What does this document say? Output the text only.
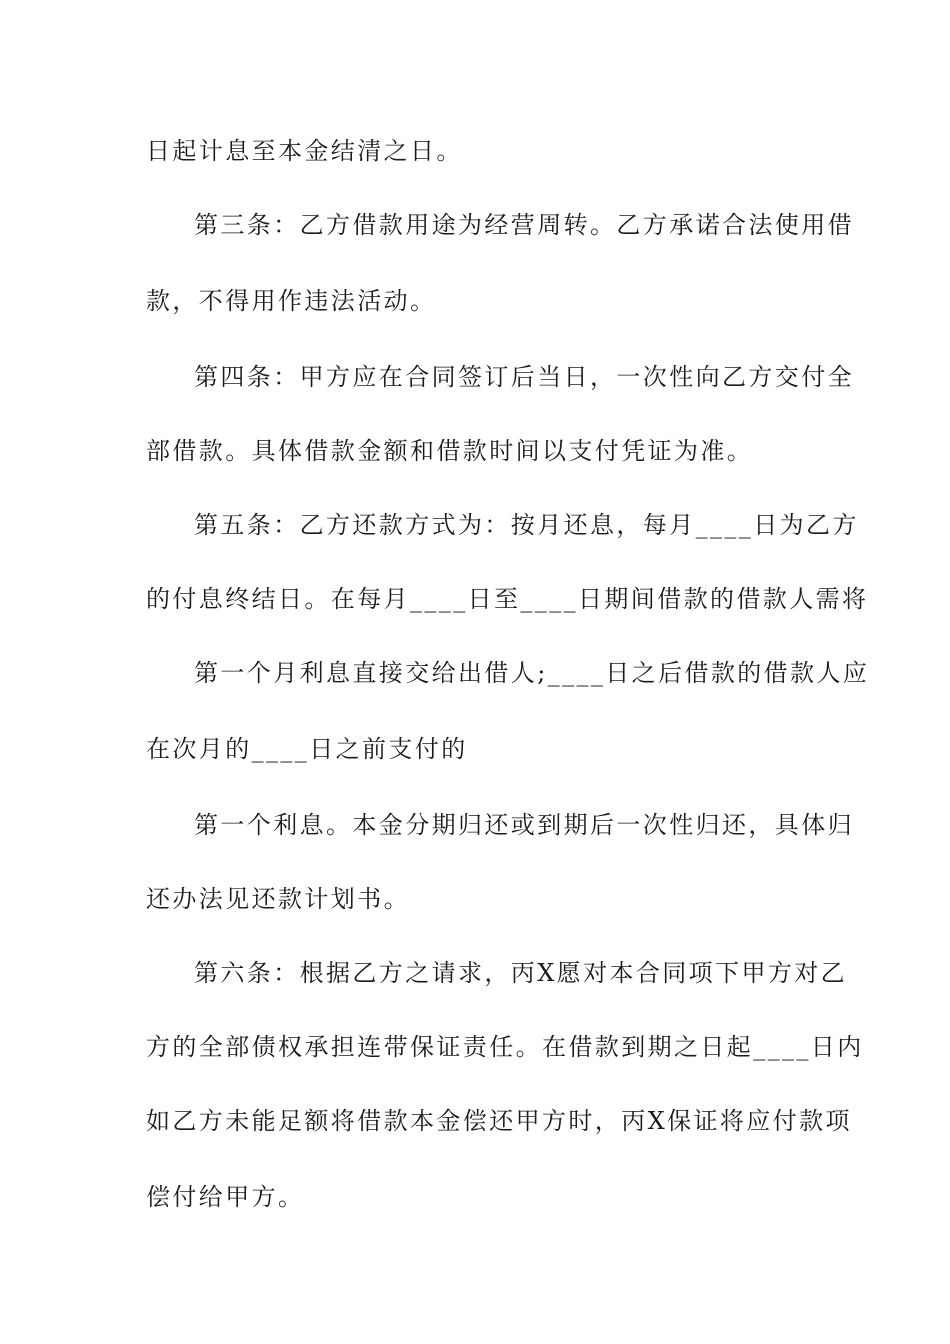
日起计息至本金结清之日。
第三条：乙方借款用途为经营周转。乙方承诺合法使用借
款，不得用作违法活动。
第四条：甲方应在合同签订后当日，一次性向乙方交付全
部借款。具体借款金额和借款时间以支付凭证为准。
第五条：乙方还款方式为：按月还息，每月____日为乙方
的付息终结日。在每月____日至____日期间借款的借款人需将
第一个月利息直接交给出借人;____日之后借款的借款人应
在次月的____日之前支付的
第一个利息。本金分期归还或到期后一次性归还，具体归
还办法见还款计划书。
第六条：根据乙方之请求，丙X愿对本合同项下甲方对乙
方的全部债权承担连带保证责任。在借款到期之日起____日内
如乙方未能足额将借款本金偿还甲方时，丙X保证将应付款项
偿付给甲方。
